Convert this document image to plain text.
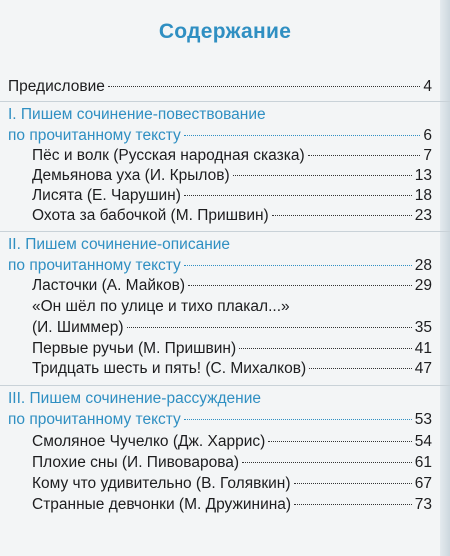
Содержание
Предисловие	4
I. Пишем сочинение-повествование
по прочитанному тексту	6
Пёс и волк (Русская народная сказка)	7
Демьянова уха (И. Крылов)	13
Лисята (Е. Чарушин)	18
Охота за бабочкой (М. Пришвин)	23
II. Пишем сочинение-описание
по прочитанному тексту	28
Ласточки (А. Майков)	29
«Он шёл по улице и тихо плакал...»
(И. Шиммер)	35
Первые ручьи (М. Пришвин)	41
Тридцать шесть и пять! (С. Михалков)	47
III. Пишем сочинение-рассуждение
по прочитанному тексту	53
Смоляное Чучелко (Дж. Харрис)	54
Плохие сны (И. Пивоварова)	61
Кому что удивительно (В. Голявкин)	67
Странные девчонки (М. Дружинина)	73
